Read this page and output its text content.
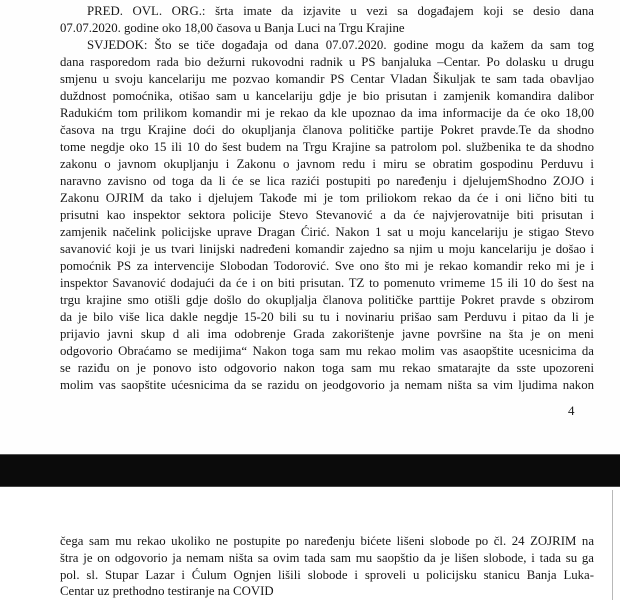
PRED. OVL. ORG.: šrta imate da izjavite u vezi sa događajem koji se desio dana
07.07.2020. godine oko 18,00 časova u Banja Luci na Trgu Krajine
SVJEDOK: Što se tiče događaja od dana 07.07.2020. godine mogu da kažem da sam tog
dana rasporedom rada bio dežurni rukovodni radnik u PS banjaluka –Centar. Po dolasku u drugu
smjenu u svoju kancelariju me pozvao komandir PS Centar Vladan Šikuljak te sam tada obavljao
duždnost pomoćnika, otišao sam u kancelariju gdje je bio prisutan i zamjenik komandira dalibor
Radukićm tom prilikom komandir mi je rekao da kle upoznao da ima informacije da će oko 18,00
časova na trgu Krajine doći do okupljanja članova političke partije Pokret pravde.Te da shodno
tome negdje oko 15 ili 10 do šest budem na Trgu Krajine sa patrolom pol. službenika te da shodno
zakonu o javnom okupljanju i Zakonu o javnom redu i miru se obratim gospodinu Perduvu i
naravno zavisno od toga da li će se lica razići postupiti po naređenju i djelujemShodno ZOJO i
Zakonu OJRIM da tako i djelujem Takođe mi je tom priliokom rekao da će i oni lično biti tu
prisutni kao inspektor sektora policije Stevo Stevanović a da će najvjerovatnije biti prisutan i
zamjenik načelink policijske uprave Dragan Ćirić. Nakon 1 sat u moju kancelariju je stigao Stevo
savanović koji je us tvari linijski nadređeni komandir zajedno sa njim u moju kancelariju je došao i
pomoćnik PS za intervencije Slobodan Todorović. Sve ono što mi je rekao komandir reko mi je i
inspektor Savanović dodajući da će i on biti prisutan. TZ to pomenuto vrimeme 15 ili 10 do šest na
trgu krajine smo otišli gdje došlo do okupljalja članova političke parttije Pokret pravde s obzirom
da je bilo više lica dakle negdje 15-20 bili su tu i novinariu prišao sam Perduvu i pitao da li je
prijavio javni skup d ali ima odobrenje Grada zakorištenje javne površine na šta je on meni
odgovorio Obraćamo se medijima“ Nakon toga sam mu rekao molim vas asaopštite ucesnicima da
se raziđu on je ponovo isto odgovorio nakon toga sam mu rekao smatarajte da sste upozoreni
molim vas saopštite ućesnicima da se razidu on jeodgovorio ja nemam ništa sa vim ljudima nakon
4
čega sam mu rekao ukoliko ne postupite po naređenju bićete lišeni slobode po čl. 24 ZOJRIM na
štra je on odgovorio ja nemam ništa sa ovim tada sam mu saopštio da je lišen slobode, i tada su ga
pol. sl. Stupar Lazar i Ćulum Ognjen lišili slobode i sproveli u policijsku stanicu Banja Luka-
Centar uz prethodno testiranje na COVID
